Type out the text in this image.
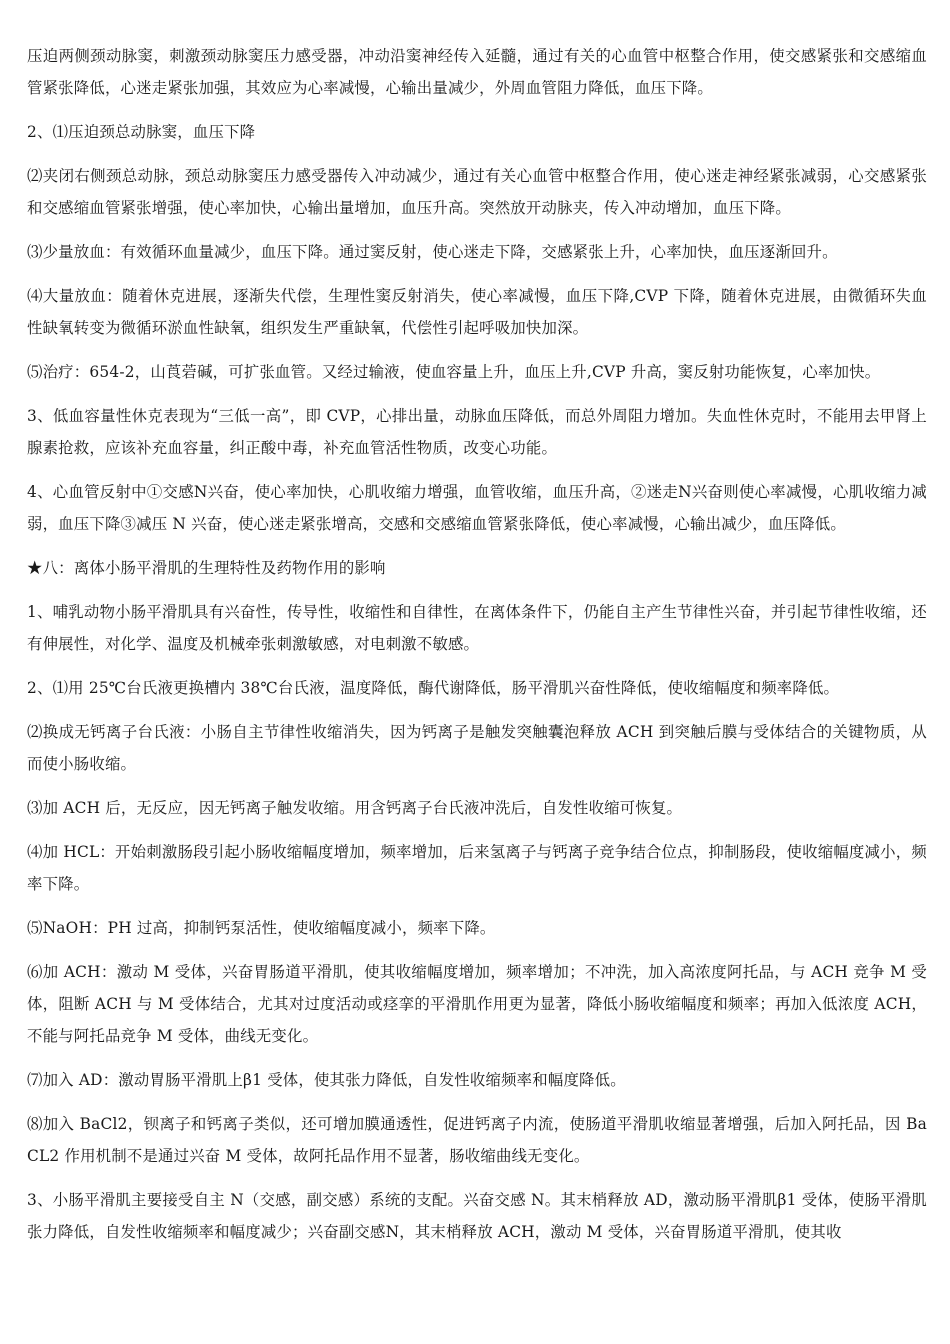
压迫两侧颈动脉窦，刺激颈动脉窦压力感受器，冲动沿窦神经传入延髓，通过有关的心血管中枢整合作用，使交感紧张和交感缩血管紧张降低，心迷走紧张加强，其效应为心率减慢，心输出量减少，外周血管阻力降低，血压下降。

2、⑴压迫颈总动脉窦，血压下降

⑵夹闭右侧颈总动脉，颈总动脉窦压力感受器传入冲动减少，通过有关心血管中枢整合作用，使心迷走神经紧张减弱，心交感紧张和交感缩血管紧张增强，使心率加快，心输出量增加，血压升高。突然放开动脉夹，传入冲动增加，血压下降。

⑶少量放血：有效循环血量减少，血压下降。通过窦反射，使心迷走下降，交感紧张上升，心率加快，血压逐渐回升。

⑷大量放血：随着休克进展，逐渐失代偿，生理性窦反射消失，使心率减慢，血压下降,CVP 下降，随着休克进展，由微循环失血性缺氧转变为微循环淤血性缺氧，组织发生严重缺氧，代偿性引起呼吸加快加深。

⑸治疗：654-2，山莨菪碱，可扩张血管。又经过输液，使血容量上升，血压上升,CVP 升高，窦反射功能恢复，心率加快。

3、低血容量性休克表现为“三低一高”，即 CVP，心排出量，动脉血压降低，而总外周阻力增加。失血性休克时，不能用去甲肾上腺素抢救，应该补充血容量，纠正酸中毒，补充血管活性物质，改变心功能。

4、心血管反射中①交感N兴奋，使心率加快，心肌收缩力增强，血管收缩，血压升高，②迷走N兴奋则使心率减慢，心肌收缩力减弱，血压下降③减压 N 兴奋，使心迷走紧张增高，交感和交感缩血管紧张降低，使心率减慢，心输出减少，血压降低。

★八：离体小肠平滑肌的生理特性及药物作用的影响

1、哺乳动物小肠平滑肌具有兴奋性，传导性，收缩性和自律性，在离体条件下，仍能自主产生节律性兴奋，并引起节律性收缩，还有伸展性，对化学、温度及机械牵张刺激敏感，对电刺激不敏感。

2、⑴用 25℃台氏液更换槽内 38℃台氏液，温度降低，酶代谢降低，肠平滑肌兴奋性降低，使收缩幅度和频率降低。

⑵换成无钙离子台氏液：小肠自主节律性收缩消失，因为钙离子是触发突触囊泡释放 ACH 到突触后膜与受体结合的关键物质，从而使小肠收缩。

⑶加 ACH 后，无反应，因无钙离子触发收缩。用含钙离子台氏液冲洗后，自发性收缩可恢复。

⑷加 HCL：开始刺激肠段引起小肠收缩幅度增加，频率增加，后来氢离子与钙离子竞争结合位点，抑制肠段，使收缩幅度减小，频率下降。

⑸NaOH：PH 过高，抑制钙泵活性，使收缩幅度减小，频率下降。

⑹加 ACH：激动 M 受体，兴奋胃肠道平滑肌，使其收缩幅度增加，频率增加；不冲洗，加入高浓度阿托品，与 ACH 竞争 M 受体，阻断 ACH 与 M 受体结合，尤其对过度活动或痉挛的平滑肌作用更为显著，降低小肠收缩幅度和频率；再加入低浓度 ACH，不能与阿托品竞争 M 受体，曲线无变化。

⑺加入 AD：激动胃肠平滑肌上β1 受体，使其张力降低，自发性收缩频率和幅度降低。

⑻加入 BaCl2，钡离子和钙离子类似，还可增加膜通透性，促进钙离子内流，使肠道平滑肌收缩显著增强，后加入阿托品，因 BaCL2 作用机制不是通过兴奋 M 受体，故阿托品作用不显著，肠收缩曲线无变化。

3、小肠平滑肌主要接受自主 N（交感，副交感）系统的支配。兴奋交感 N。其末梢释放 AD，激动肠平滑肌β1 受体，使肠平滑肌张力降低，自发性收缩频率和幅度减少；兴奋副交感N，其末梢释放 ACH，激动 M 受体，兴奋胃肠道平滑肌，使其收
